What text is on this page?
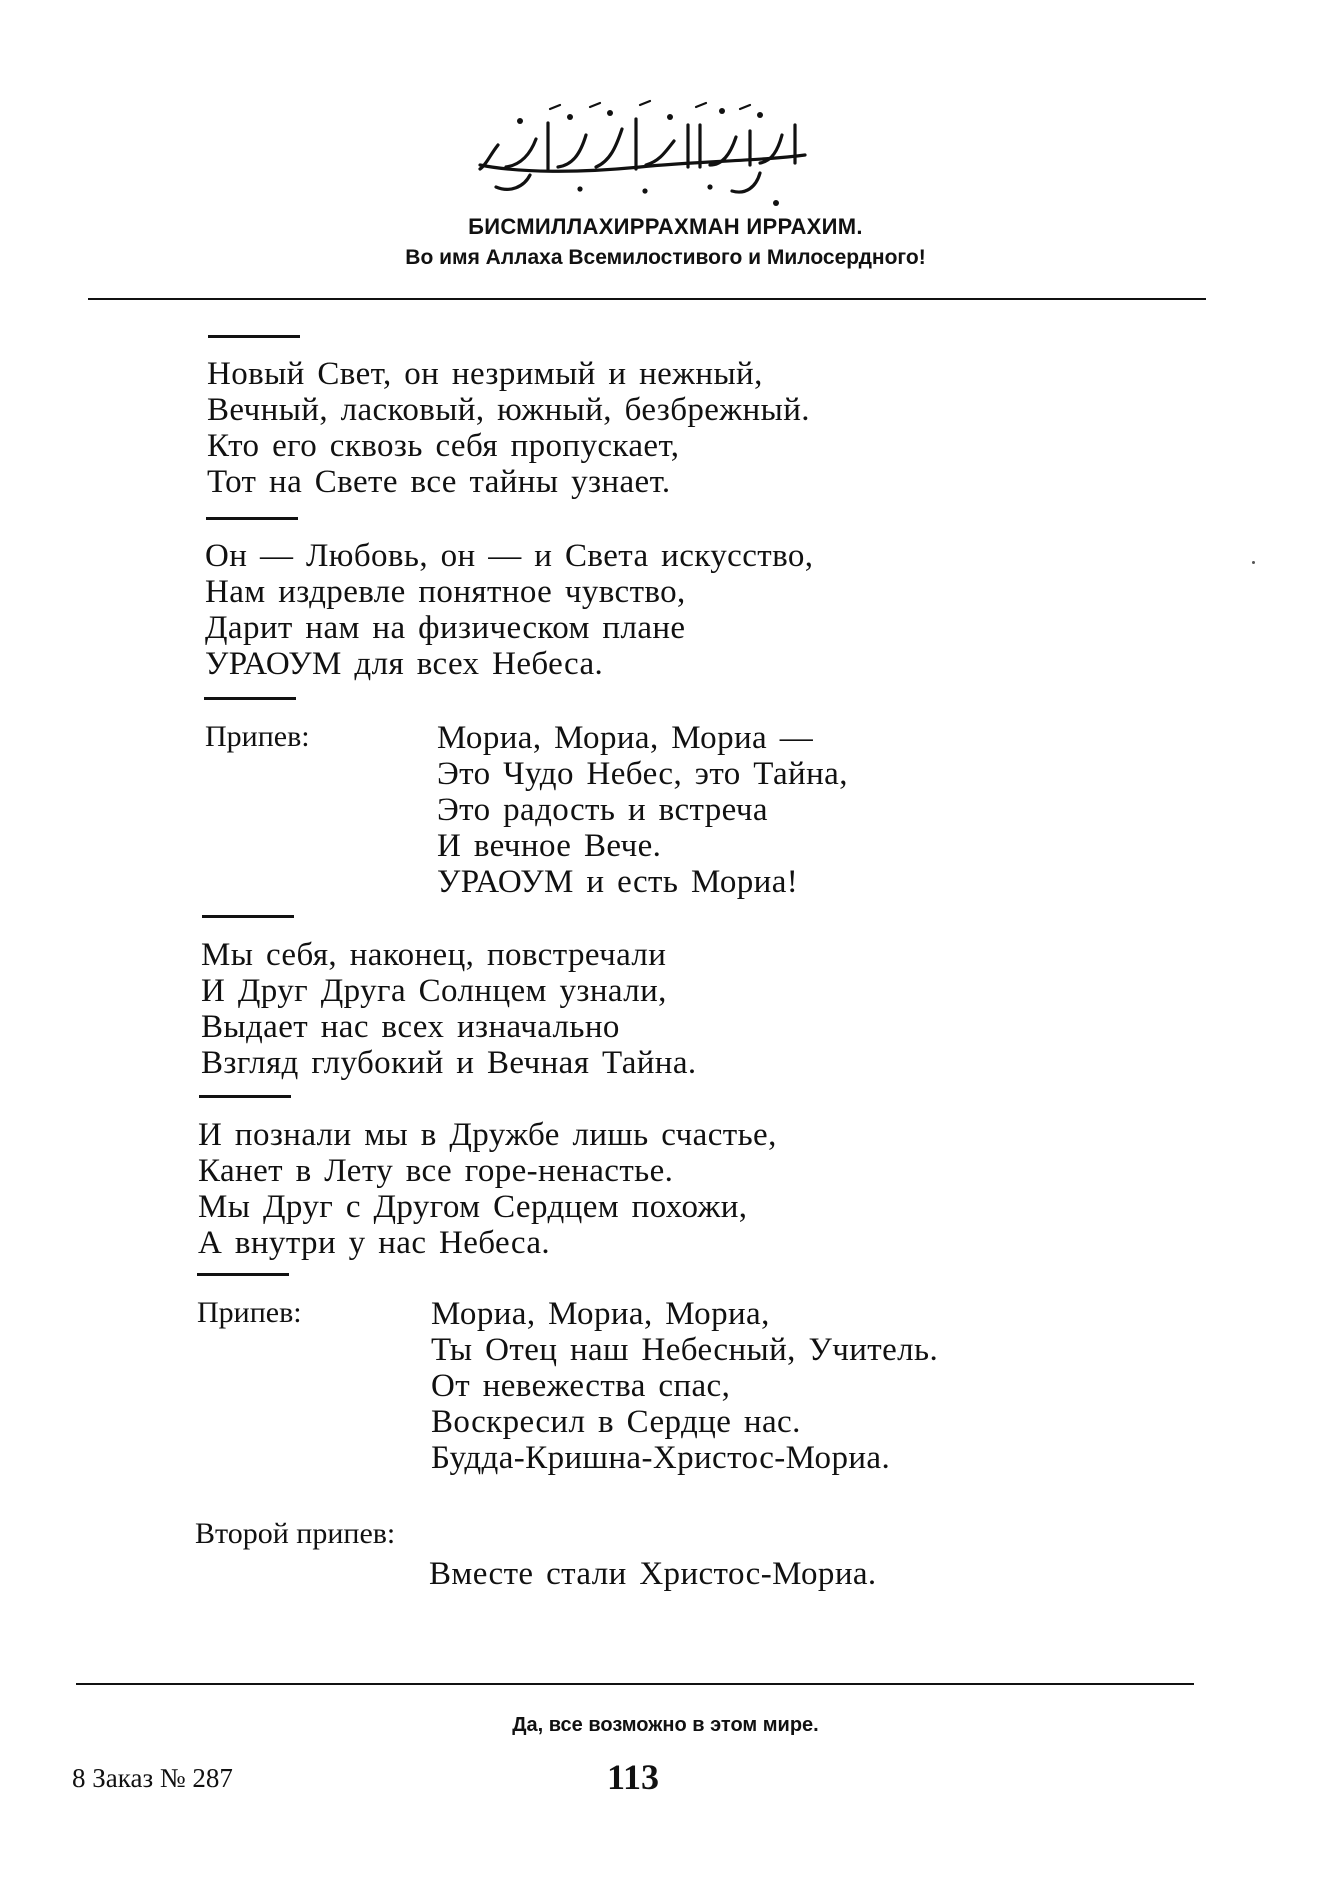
БИСМИЛЛАХИРРАХМАН ИРРАХИМ.
Во имя Аллаха Всемилостивого и Милосердного!
Новый Свет, он незримый и нежный,
Вечный, ласковый, южный, безбрежный.
Кто его сквозь себя пропускает,
Тот на Свете все тайны узнает.
Он — Любовь, он — и Света искусство,
Нам издревле понятное чувство,
Дарит нам на физическом плане
УРАОУМ для всех Небеса.
Припев:	Мориа, Мориа, Мориа —
Это Чудо Небес, это Тайна,
Это радость и встреча
И вечное Вече.
УРАОУМ и есть Мориа!
Мы себя, наконец, повстречали
И Друг Друга Солнцем узнали,
Выдает нас всех изначально
Взгляд глубокий и Вечная Тайна.
И познали мы в Дружбе лишь счастье,
Канет в Лету все горе-ненастье.
Мы Друг с Другом Сердцем похожи,
А внутри у нас Небеса.
Припев:	Мориа, Мориа, Мориа,
Ты Отец наш Небесный, Учитель.
От невежества спас,
Воскресил в Сердце нас.
Будда-Кришна-Христос-Мориа.
Второй припев:
Вместе стали Христос-Мориа.
Да, все возможно в этом мире.
8 Заказ № 287	113
